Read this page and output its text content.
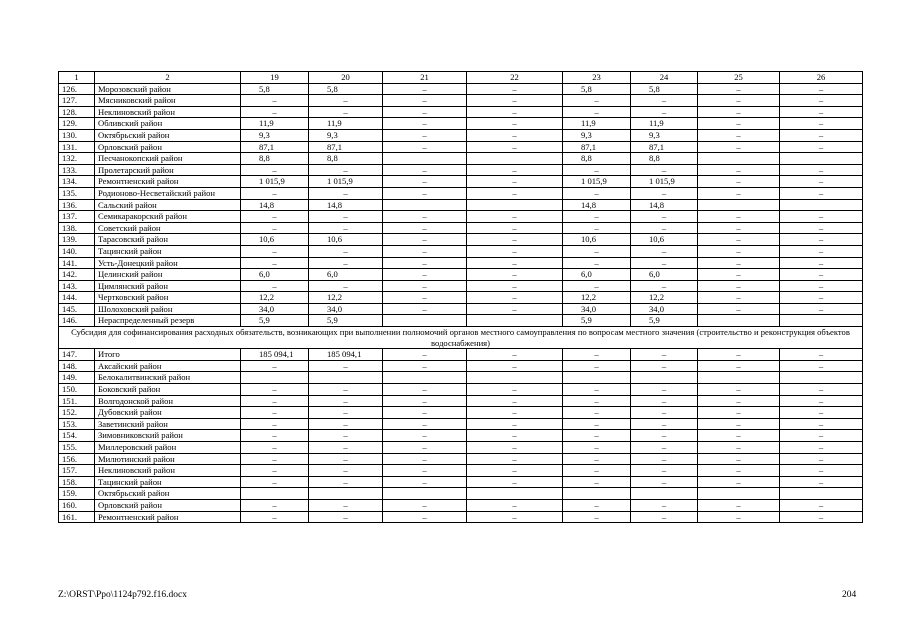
1	2	19	20	21	22	23	24	25	26
126.	Морозовский район	5,8	5,8	–	–	5,8	5,8	–	–
127.	Мясниковский район	–	–	–	–	–	–	–	–
128.	Неклиновский район	–	–	–	–	–	–	–	–
129.	Обливский район	11,9	11,9	–	–	11,9	11,9	–	–
130.	Октябрьский район	9,3	9,3	–	–	9,3	9,3	–	–
131.	Орловский район	87,1	87,1	–	–	87,1	87,1	–	–
132.	Песчанокопский район	8,8	8,8			8,8	8,8		
133.	Пролетарский район	–	–	–	–	–	–	–	–
134.	Ремонтненский район	1 015,9	1 015,9	–	–	1 015,9	1 015,9	–	–
135.	Родионово-Несветайский район	–	–	–	–	–	–	–	–
136.	Сальский район	14,8	14,8			14,8	14,8		
137.	Семикаракорский район	–	–	–	–	–	–	–	–
138.	Советский район	–	–	–	–	–	–	–	–
139.	Тарасовский район	10,6	10,6	–	–	10,6	10,6	–	–
140.	Тацинский район	–	–	–	–	–	–	–	–
141.	Усть-Донецкий район	–	–	–	–	–	–	–	–
142.	Целинский район	6,0	6,0	–	–	6,0	6,0	–	–
143.	Цимлянский район	–	–	–	–	–	–	–	–
144.	Чертковский район	12,2	12,2	–	–	12,2	12,2	–	–
145.	Шолоховский район	34,0	34,0	–	–	34,0	34,0	–	–
146.	Нераспределенный резерв	5,9	5,9			5,9	5,9		
Субсидия для софинансирования расходных обязательств, возникающих при выполнении полномочий органов местного самоуправления по вопросам местного значения (строительство и реконструкция объектов водоснабжения)									
147.	Итого	185 094,1	185 094,1	–	–	–	–	–	–
148.	Аксайский район	–	–	–	–	–	–	–	–
149.	Белокалитвинский район								
150.	Боковский район	–	–	–	–	–	–	–	–
151.	Волгодонской район	–	–	–	–	–	–	–	–
152.	Дубовский район	–	–	–	–	–	–	–	–
153.	Заветинский район	–	–	–	–	–	–	–	–
154.	Зимовниковский район	–	–	–	–	–	–	–	–
155.	Миллеровский район	–	–	–	–	–	–	–	–
156.	Милютинский район	–	–	–	–	–	–	–	–
157.	Неклиновский район	–	–	–	–	–	–	–	–
158.	Тацинский район	–	–	–	–	–	–	–	–
159.	Октябрьский район								
160.	Орловский район	–	–	–	–	–	–	–	–
161.	Ремонтненский район	–	–	–	–	–	–	–	–
Z:\ORST\Ppo\1124p792.f16.docx	204
